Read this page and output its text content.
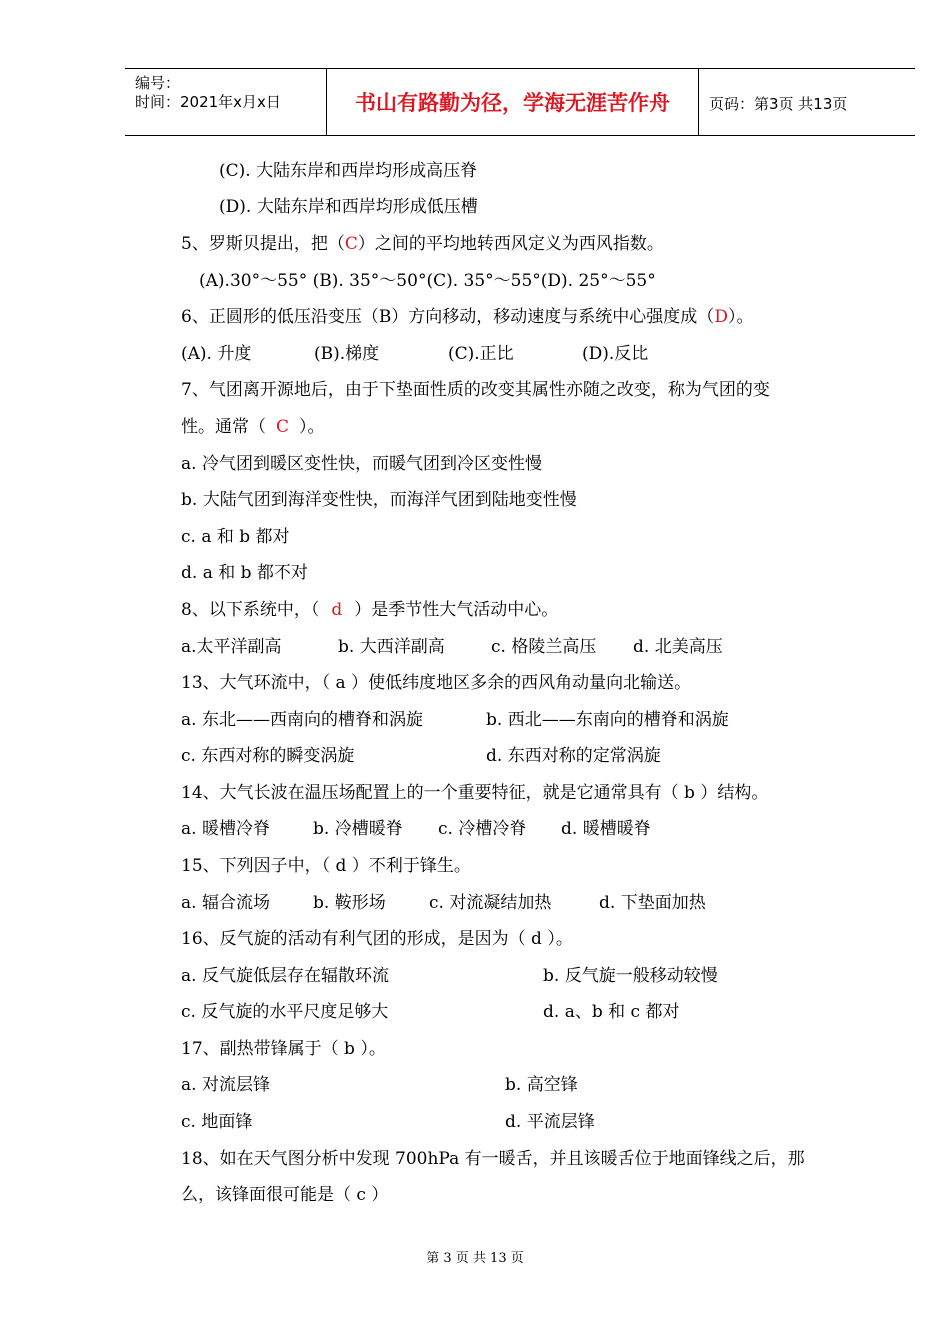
编号：
时间：2021年x月x日	书山有路勤为径，学海无涯苦作舟	页码：第3页 共13页
(C). 大陆东岸和西岸均形成高压脊
(D). 大陆东岸和西岸均形成低压槽
5、罗斯贝提出，把（C）之间的平均地转西风定义为西风指数。
(A).30°～55° (B). 35°～50°(C). 35°～55°(D). 25°～55°
6、正圆形的低压沿变压（B）方向移动，移动速度与系统中心强度成（D）。
(A). 升度	(B).梯度	(C).正比	(D).反比
7、气团离开源地后，由于下垫面性质的改变其属性亦随之改变，称为气团的变
性。通常（ C ）。
a. 冷气团到暖区变性快，而暖气团到冷区变性慢
b. 大陆气团到海洋变性快，而海洋气团到陆地变性慢
c. a 和 b 都对
d. a 和 b 都不对
8、以下系统中，（ d ）是季节性大气活动中心。
a.太平洋副高	b. 大西洋副高	c. 格陵兰高压 d. 北美高压
13、大气环流中，（ a ）使低纬度地区多余的西风角动量向北输送。
a. 东北——西南向的槽脊和涡旋	b. 西北——东南向的槽脊和涡旋
c. 东西对称的瞬变涡旋	d. 东西对称的定常涡旋
14、大气长波在温压场配置上的一个重要特征，就是它通常具有（ b ）结构。
a. 暖槽冷脊	b. 冷槽暖脊 c. 冷槽冷脊 d. 暖槽暖脊
15、下列因子中，（ d ）不利于锋生。
a. 辐合流场	b. 鞍形场	c. 对流凝结加热	d. 下垫面加热
16、反气旋的活动有利气团的形成，是因为（ d ）。
a. 反气旋低层存在辐散环流	b. 反气旋一般移动较慢
c. 反气旋的水平尺度足够大	d. a、b 和 c 都对
17、副热带锋属于（ b ）。
a. 对流层锋	b. 高空锋
c. 地面锋	d. 平流层锋
18、如在天气图分析中发现 700hPa 有一暖舌，并且该暖舌位于地面锋线之后，那
么，该锋面很可能是（ c ）
第 3 页 共 13 页
